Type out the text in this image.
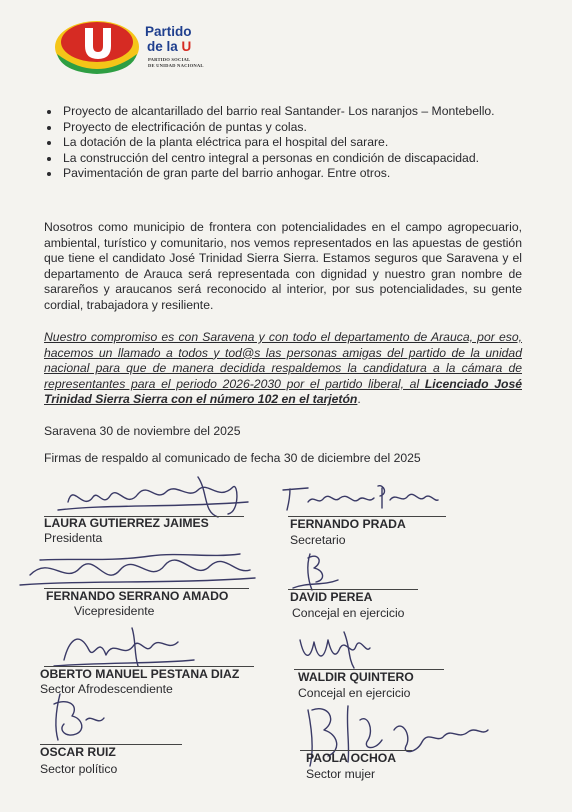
Partido
de la U
PARTIDO SOCIAL
DE UNIDAD NACIONAL
Proyecto de alcantarillado del barrio real Santander- Los naranjos – Montebello.
Proyecto de electrificación de puntas y colas.
La dotación de la planta eléctrica para el hospital del sarare.
La construcción del centro integral a personas en condición de discapacidad.
Pavimentación de gran parte del barrio anhogar. Entre otros.
Nosotros como municipio de frontera con potencialidades en el campo agropecuario, ambiental, turístico y comunitario, nos vemos representados en las apuestas de gestión que tiene el candidato José Trinidad Sierra Sierra. Estamos seguros que Saravena y el departamento de Arauca será representada con dignidad y nuestro gran nombre de sarareños y araucanos será reconocido al interior, por sus potencialidades, su gente cordial, trabajadora y resiliente.
Nuestro compromiso es con Saravena y con todo el departamento de Arauca, por eso, hacemos un llamado a todos y tod@s las personas amigas del partido de la unidad nacional para que de manera decidida respaldemos la candidatura a la cámara de representantes para el periodo 2026-2030 por el partido liberal, al Licenciado José Trinidad Sierra Sierra con el número 102 en el tarjetón.
Saravena 30 de noviembre del 2025
Firmas de respaldo al comunicado de fecha 30 de diciembre del 2025
LAURA GUTIERREZ JAIMES
Presidenta
FERNANDO PRADA
Secretario
FERNANDO SERRANO AMADO
Vicepresidente
DAVID PEREA
Concejal en ejercicio
OBERTO MANUEL PESTANA DIAZ
Sector Afrodescendiente
WALDIR QUINTERO
Concejal en ejercicio
OSCAR RUIZ
Sector político
PAOLA OCHOA
Sector mujer
